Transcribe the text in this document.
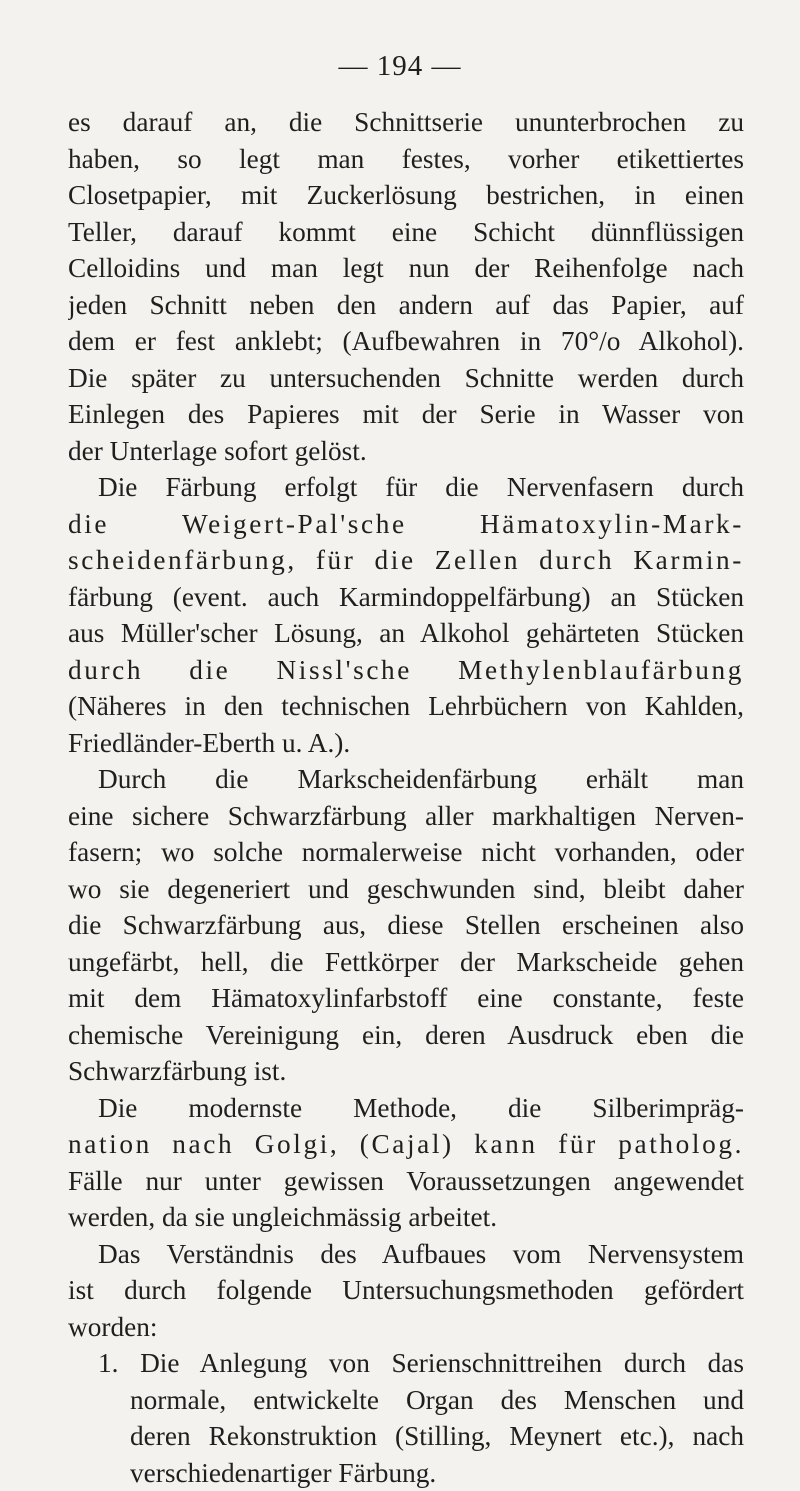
— 194 —
es darauf an, die Schnittserie ununterbrochen zu
haben, so legt man festes, vorher etikettiertes
Closetpapier, mit Zuckerlösung bestrichen, in einen
Teller, darauf kommt eine Schicht dünnflüssigen
Celloidins und man legt nun der Reihenfolge nach
jeden Schnitt neben den andern auf das Papier, auf
dem er fest anklebt; (Aufbewahren in 70°/o Alkohol).
Die später zu untersuchenden Schnitte werden durch
Einlegen des Papieres mit der Serie in Wasser von
der Unterlage sofort gelöst.
Die Färbung erfolgt für die Nervenfasern durch
die Weigert-Pal'sche Hämatoxylin-Mark-
scheidenfärbung, für die Zellen durch Karmin-
färbung (event. auch Karmindoppelfärbung) an Stücken
aus Müller'scher Lösung, an Alkohol gehärteten Stücken
durch die Nissl'sche Methylenblaufärbung
(Näheres in den technischen Lehrbüchern von Kahlden,
Friedländer-Eberth u. A.).
Durch die Markscheidenfärbung erhält man
eine sichere Schwarzfärbung aller markhaltigen Nerven-
fasern; wo solche normalerweise nicht vorhanden, oder
wo sie degeneriert und geschwunden sind, bleibt daher
die Schwarzfärbung aus, diese Stellen erscheinen also
ungefärbt, hell, die Fettkörper der Markscheide gehen
mit dem Hämatoxylinfarbstoff eine constante, feste
chemische Vereinigung ein, deren Ausdruck eben die
Schwarzfärbung ist.
Die modernste Methode, die Silberimpräg-
nation nach Golgi, (Cajal) kann für patholog.
Fälle nur unter gewissen Voraussetzungen angewendet
werden, da sie ungleichmässig arbeitet.
Das Verständnis des Aufbaues vom Nervensystem
ist durch folgende Untersuchungsmethoden gefördert
worden:
1. Die Anlegung von Serienschnittreihen durch das
normale, entwickelte Organ des Menschen und
deren Rekonstruktion (Stilling, Meynert etc.), nach
verschiedenartiger Färbung.
